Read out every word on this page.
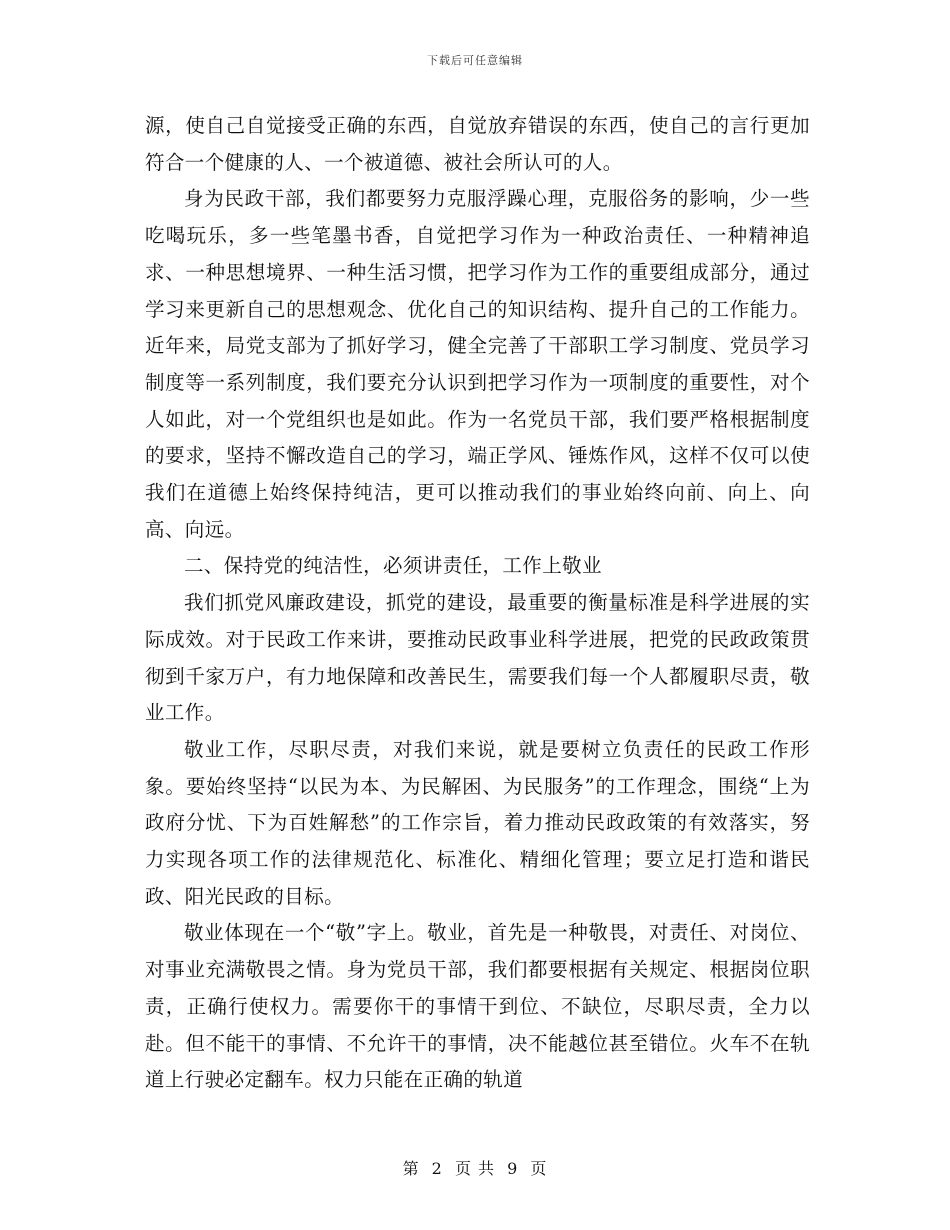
下载后可任意编辑

源，使自己自觉接受正确的东西，自觉放弃错误的东西，使自己的言行更加符合一个健康的人、一个被道德、被社会所认可的人。

身为民政干部，我们都要努力克服浮躁心理，克服俗务的影响，少一些吃喝玩乐，多一些笔墨书香，自觉把学习作为一种政治责任、一种精神追求、一种思想境界、一种生活习惯，把学习作为工作的重要组成部分，通过学习来更新自己的思想观念、优化自己的知识结构、提升自己的工作能力。近年来，局党支部为了抓好学习，健全完善了干部职工学习制度、党员学习制度等一系列制度，我们要充分认识到把学习作为一项制度的重要性，对个人如此，对一个党组织也是如此。作为一名党员干部，我们要严格根据制度的要求，坚持不懈改造自己的学习，端正学风、锤炼作风，这样不仅可以使我们在道德上始终保持纯洁，更可以推动我们的事业始终向前、向上、向高、向远。

二、保持党的纯洁性，必须讲责任，工作上敬业

我们抓党风廉政建设，抓党的建设，最重要的衡量标准是科学进展的实际成效。对于民政工作来讲，要推动民政事业科学进展，把党的民政政策贯彻到千家万户，有力地保障和改善民生，需要我们每一个人都履职尽责，敬业工作。

敬业工作，尽职尽责，对我们来说，就是要树立负责任的民政工作形象。要始终坚持“以民为本、为民解困、为民服务”的工作理念，围绕“上为政府分忧、下为百姓解愁”的工作宗旨，着力推动民政政策的有效落实，努力实现各项工作的法律规范化、标准化、精细化管理；要立足打造和谐民政、阳光民政的目标。

敬业体现在一个“敬”字上。敬业，首先是一种敬畏，对责任、对岗位、对事业充满敬畏之情。身为党员干部，我们都要根据有关规定、根据岗位职责，正确行使权力。需要你干的事情干到位、不缺位，尽职尽责，全力以赴。但不能干的事情、不允许干的事情，决不能越位甚至错位。火车不在轨道上行驶必定翻车。权力只能在正确的轨道

第 2 页 共 9 页
